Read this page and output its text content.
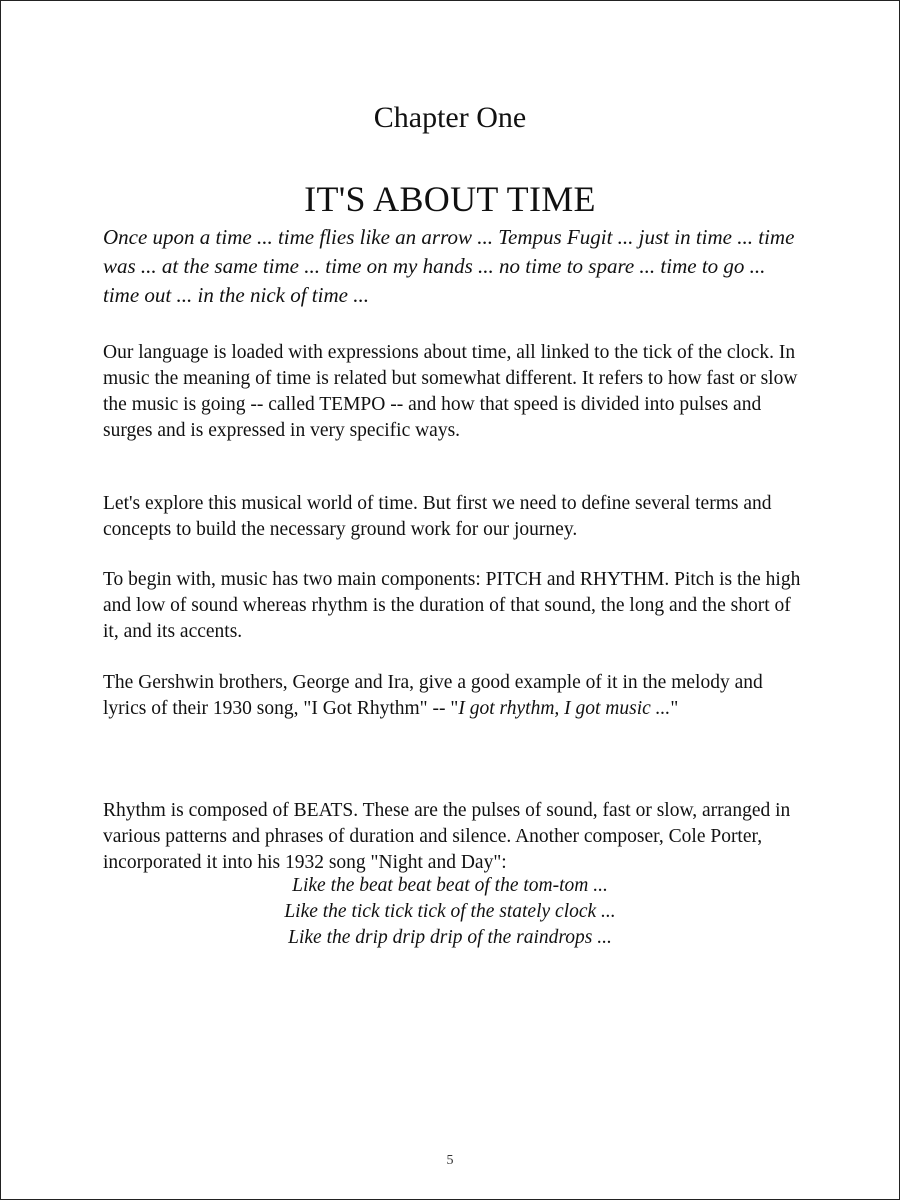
Chapter One
IT'S ABOUT TIME
Once upon a time ... time flies like an arrow ... Tempus Fugit ... just in time ... time was ... at the same time ... time on my hands ... no time to spare ... time to go ... time out ... in the nick of time ...
Our language is loaded with expressions about time, all linked to the tick of the clock. In music the meaning of time is related but somewhat different. It refers to how fast or slow the music is going -- called TEMPO -- and how that speed is divided into pulses and surges and is expressed in very specific ways.
Let's explore this musical world of time. But first we need to define several terms and concepts to build the necessary ground work for our journey.
To begin with, music has two main components: PITCH and RHYTHM. Pitch is the high and low of sound whereas rhythm is the duration of that sound, the long and the short of it, and its accents.
The Gershwin brothers, George and Ira, give a good example of it in the melody and lyrics of their 1930 song, "I Got Rhythm" -- "I got rhythm, I got music ..."
Rhythm is composed of BEATS. These are the pulses of sound, fast or slow, arranged in various patterns and phrases of duration and silence. Another composer, Cole Porter, incorporated it into his 1932 song "Night and Day":
Like the beat beat beat of the tom-tom ...
Like the tick tick tick of the stately clock ...
Like the drip drip drip of the raindrops ...
5
